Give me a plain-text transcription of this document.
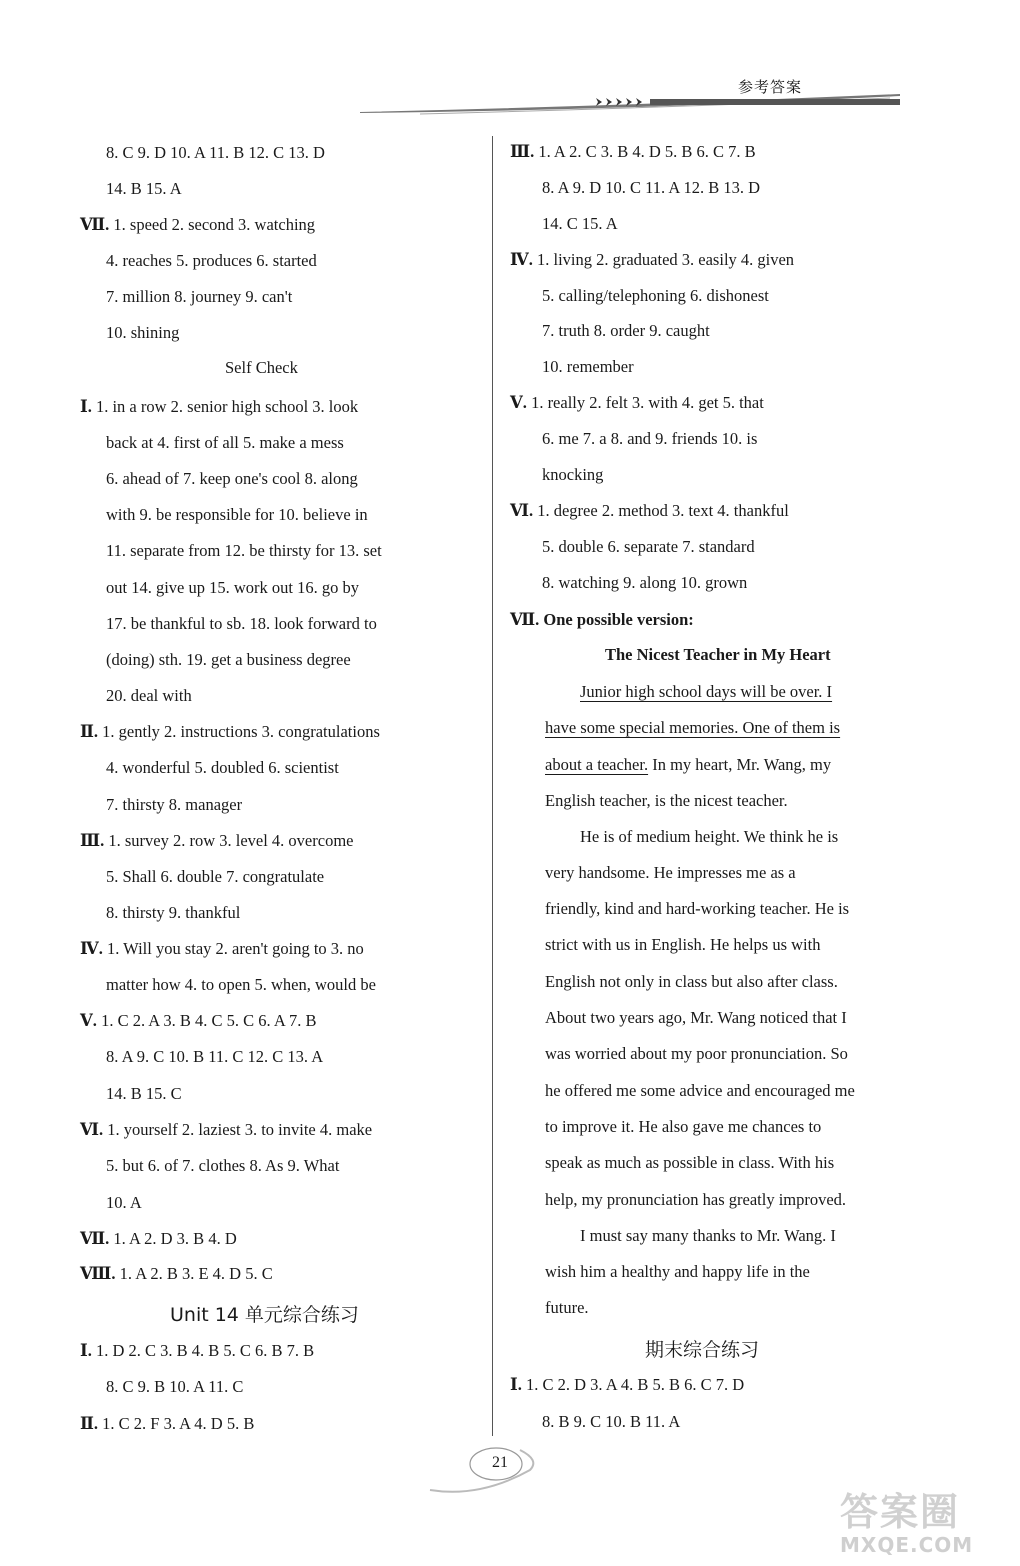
参考答案
8. C 9. D 10. A 11. B 12. C 13. D
14. B 15. A
Ⅶ. 1. speed 2. second 3. watching
4. reaches 5. produces 6. started
7. million 8. journey 9. can't
10. shining
Self Check
Ⅰ. 1. in a row 2. senior high school 3. look
back at 4. first of all 5. make a mess
6. ahead of 7. keep one's cool 8. along
with 9. be responsible for 10. believe in
11. separate from 12. be thirsty for 13. set
out 14. give up 15. work out 16. go by
17. be thankful to sb. 18. look forward to
(doing) sth. 19. get a business degree
20. deal with
Ⅱ. 1. gently 2. instructions 3. congratulations
4. wonderful 5. doubled 6. scientist
7. thirsty 8. manager
Ⅲ. 1. survey 2. row 3. level 4. overcome
5. Shall 6. double 7. congratulate
8. thirsty 9. thankful
Ⅳ. 1. Will you stay 2. aren't going to 3. no
matter how 4. to open 5. when, would be
Ⅴ. 1. C 2. A 3. B 4. C 5. C 6. A 7. B
8. A 9. C 10. B 11. C 12. C 13. A
14. B 15. C
Ⅵ. 1. yourself 2. laziest 3. to invite 4. make
5. but 6. of 7. clothes 8. As 9. What
10. A
Ⅶ. 1. A 2. D 3. B 4. D
Ⅷ. 1. A 2. B 3. E 4. D 5. C
Unit 14 单元综合练习
Ⅰ. 1. D 2. C 3. B 4. B 5. C 6. B 7. B
8. C 9. B 10. A 11. C
Ⅱ. 1. C 2. F 3. A 4. D 5. B
Ⅲ. 1. A 2. C 3. B 4. D 5. B 6. C 7. B
8. A 9. D 10. C 11. A 12. B 13. D
14. C 15. A
Ⅳ. 1. living 2. graduated 3. easily 4. given
5. calling/telephoning 6. dishonest
7. truth 8. order 9. caught
10. remember
Ⅴ. 1. really 2. felt 3. with 4. get 5. that
6. me 7. a 8. and 9. friends 10. is
knocking
Ⅵ. 1. degree 2. method 3. text 4. thankful
5. double 6. separate 7. standard
8. watching 9. along 10. grown
Ⅶ. One possible version:
The Nicest Teacher in My Heart
Junior high school days will be over. I
have some special memories. One of them is
about a teacher. In my heart, Mr. Wang, my
English teacher, is the nicest teacher.
He is of medium height. We think he is
very handsome. He impresses me as a
friendly, kind and hard-working teacher. He is
strict with us in English. He helps us with
English not only in class but also after class.
About two years ago, Mr. Wang noticed that I
was worried about my poor pronunciation. So
he offered me some advice and encouraged me
to improve it. He also gave me chances to
speak as much as possible in class. With his
help, my pronunciation has greatly improved.
I must say many thanks to Mr. Wang. I
wish him a healthy and happy life in the
future.
期末综合练习
Ⅰ. 1. C 2. D 3. A 4. B 5. B 6. C 7. D
8. B 9. C 10. B 11. A
21
答案圈
MXQE.COM
